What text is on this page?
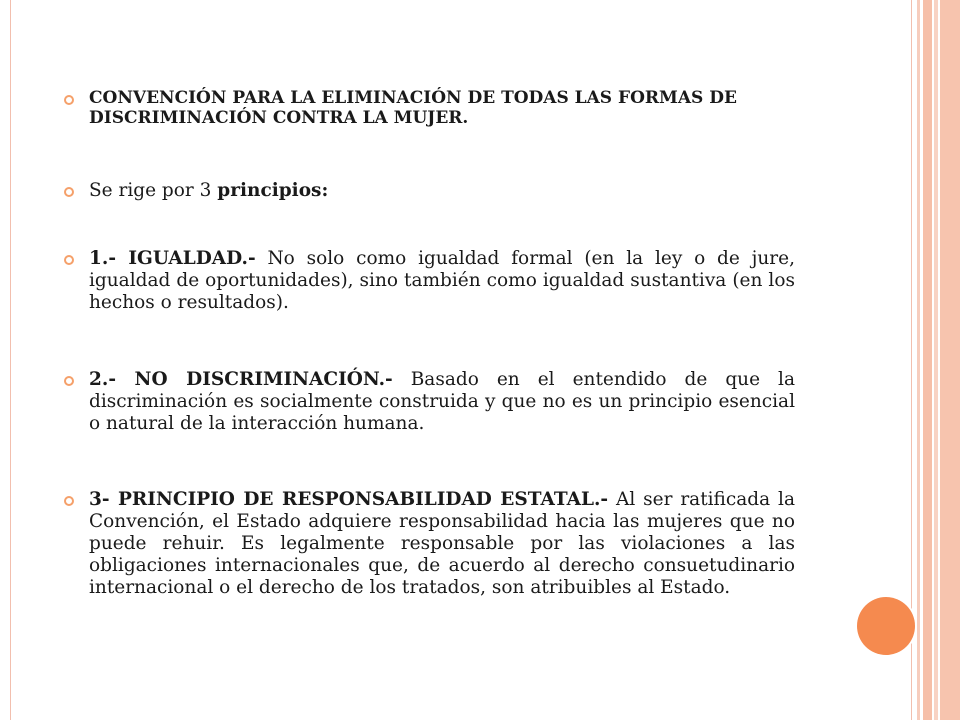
CONVENCIÓN PARA LA ELIMINACIÓN DE TODAS LAS FORMAS DE DISCRIMINACIÓN CONTRA LA MUJER.
Se rige por 3 principios:
1.- IGUALDAD.- No solo como igualdad formal (en la ley o de jure, igualdad de oportunidades), sino también como igualdad sustantiva (en los hechos o resultados).
2.- NO DISCRIMINACIÓN.- Basado en el entendido de que la discriminación es socialmente construida y que no es un principio esencial o natural de la interacción humana.
3- PRINCIPIO DE RESPONSABILIDAD ESTATAL.- Al ser ratificada la Convención, el Estado adquiere responsabilidad hacia las mujeres que no puede rehuir. Es legalmente responsable por las violaciones a las obligaciones internacionales que, de acuerdo al derecho consuetudinario internacional o el derecho de los tratados, son atribuibles al Estado.
